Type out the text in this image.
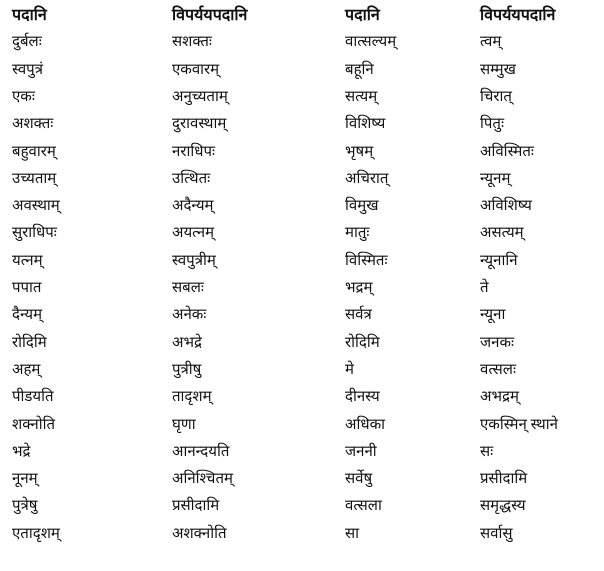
पदानि	विपर्ययपदानि	पदानि	विपर्ययपदानि
दुर्बलः	सशक्तः	वात्सल्यम्	त्वम्
स्वपुत्रं	एकवारम्	बहूनि	सम्मुख
एकः	अनुच्यताम्	सत्यम्	चिरात्
अशक्तः	दुरावस्थाम्	विशिष्य	पितुः
बहुवारम्	नराधिपः	भृषम्	अविस्मितः
उच्यताम्	उत्थितः	अचिरात्	न्यूनम्
अवस्थाम्	अदैन्यम्	विमुख	अविशिष्य
सुराधिपः	अयत्नम्	मातुः	असत्यम्
यत्नम्	स्वपुत्रीम्	विस्मितः	न्यूनानि
पपात	सबलः	भद्रम्	ते
दैन्यम्	अनेकः	सर्वत्र	न्यूना
रोदिमि	अभद्रे	रोदिमि	जनकः
अहम्	पुत्रीषु	मे	वत्सलः
पीडयति	तादृशम्	दीनस्य	अभद्रम्
शक्नोति	घृणा	अधिका	एकस्मिन् स्थाने
भद्रे	आनन्दयति	जननी	सः
नूनम्	अनिश्चितम्	सर्वेषु	प्रसीदामि
पुत्रेषु	प्रसीदामि	वत्सला	समृद्धस्य
एतादृशम्	अशक्नोति	सा	सर्वासु
